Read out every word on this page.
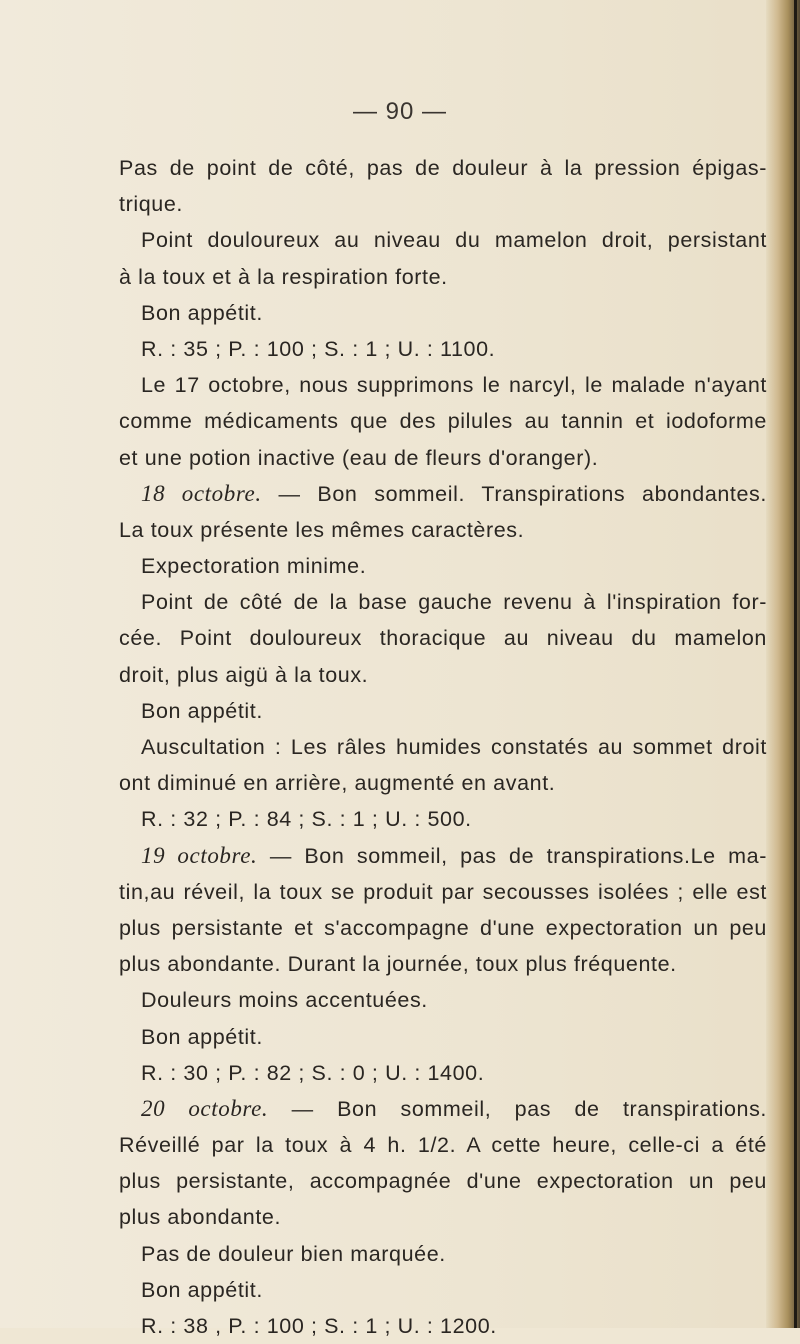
— 90 —
Pas de point de côté, pas de douleur à la pression épigas-
trique.
Point douloureux au niveau du mamelon droit, persistant
à la toux et à la respiration forte.
Bon appétit.
R. : 35 ; P. : 100 ; S. : 1 ; U. : 1100.
Le 17 octobre, nous supprimons le narcyl, le malade n'ayant
comme médicaments que des pilules au tannin et iodoforme
et une potion inactive (eau de fleurs d'oranger).
18 octobre. — Bon sommeil. Transpirations abondantes.
La toux présente les mêmes caractères.
Expectoration minime.
Point de côté de la base gauche revenu à l'inspiration for-
cée. Point douloureux thoracique au niveau du mamelon
droit, plus aigü à la toux.
Bon appétit.
Auscultation : Les râles humides constatés au sommet droit
ont diminué en arrière, augmenté en avant.
R. : 32 ; P. : 84 ; S. : 1 ; U. : 500.
19 octobre. — Bon sommeil, pas de transpirations.Le ma-
tin,au réveil, la toux se produit par secousses isolées ; elle est
plus persistante et s'accompagne d'une expectoration un peu
plus abondante. Durant la journée, toux plus fréquente.
Douleurs moins accentuées.
Bon appétit.
R. : 30 ; P. : 82 ; S. : 0 ; U. : 1400.
20 octobre. — Bon sommeil, pas de transpirations.
Réveillé par la toux à 4 h. 1/2. A cette heure, celle-ci a été
plus persistante, accompagnée d'une expectoration un peu
plus abondante.
Pas de douleur bien marquée.
Bon appétit.
R. : 38 , P. : 100 ; S. : 1 ; U. : 1200.
